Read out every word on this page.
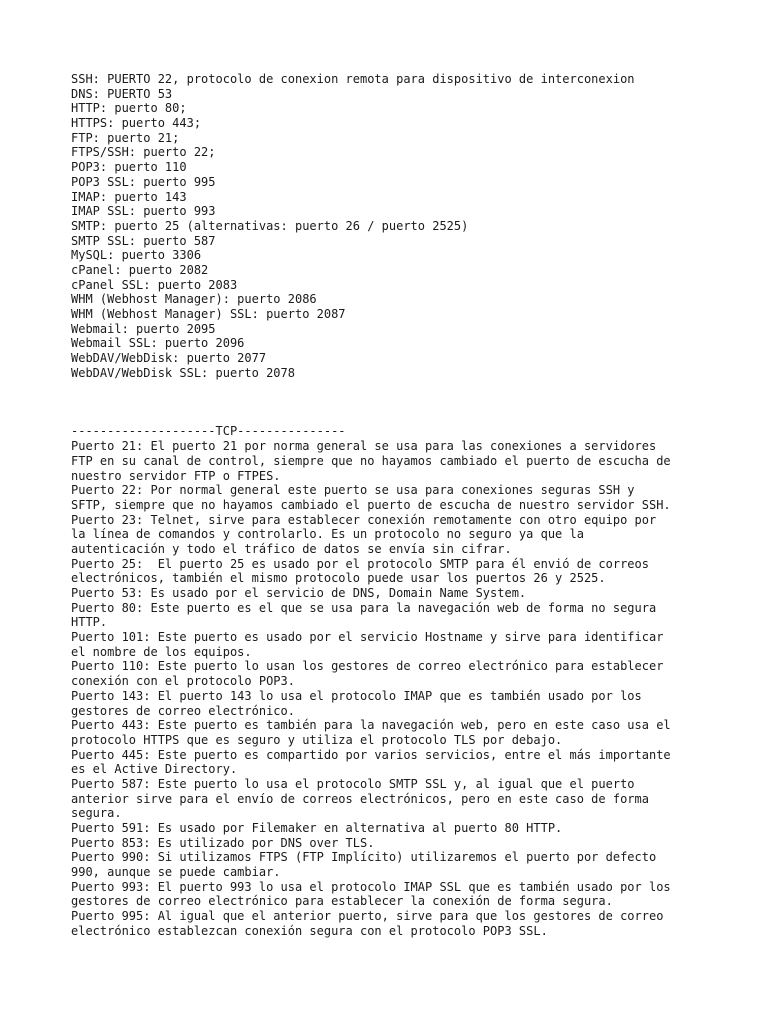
SSH: PUERTO 22, protocolo de conexion remota para dispositivo de interconexion
DNS: PUERTO 53
HTTP: puerto 80;
HTTPS: puerto 443;
FTP: puerto 21;
FTPS/SSH: puerto 22;
POP3: puerto 110
POP3 SSL: puerto 995
IMAP: puerto 143
IMAP SSL: puerto 993
SMTP: puerto 25 (alternativas: puerto 26 / puerto 2525)
SMTP SSL: puerto 587
MySQL: puerto 3306
cPanel: puerto 2082
cPanel SSL: puerto 2083
WHM (Webhost Manager): puerto 2086
WHM (Webhost Manager) SSL: puerto 2087
Webmail: puerto 2095
Webmail SSL: puerto 2096
WebDAV/WebDisk: puerto 2077
WebDAV/WebDisk SSL: puerto 2078
--------------------TCP---------------
Puerto 21: El puerto 21 por norma general se usa para las conexiones a servidores
FTP en su canal de control, siempre que no hayamos cambiado el puerto de escucha de
nuestro servidor FTP o FTPES.
Puerto 22: Por normal general este puerto se usa para conexiones seguras SSH y
SFTP, siempre que no hayamos cambiado el puerto de escucha de nuestro servidor SSH.
Puerto 23: Telnet, sirve para establecer conexión remotamente con otro equipo por
la línea de comandos y controlarlo. Es un protocolo no seguro ya que la
autenticación y todo el tráfico de datos se envía sin cifrar.
Puerto 25:  El puerto 25 es usado por el protocolo SMTP para él envió de correos
electrónicos, también el mismo protocolo puede usar los puertos 26 y 2525.
Puerto 53: Es usado por el servicio de DNS, Domain Name System.
Puerto 80: Este puerto es el que se usa para la navegación web de forma no segura
HTTP.
Puerto 101: Este puerto es usado por el servicio Hostname y sirve para identificar
el nombre de los equipos.
Puerto 110: Este puerto lo usan los gestores de correo electrónico para establecer
conexión con el protocolo POP3.
Puerto 143: El puerto 143 lo usa el protocolo IMAP que es también usado por los
gestores de correo electrónico.
Puerto 443: Este puerto es también para la navegación web, pero en este caso usa el
protocolo HTTPS que es seguro y utiliza el protocolo TLS por debajo.
Puerto 445: Este puerto es compartido por varios servicios, entre el más importante
es el Active Directory.
Puerto 587: Este puerto lo usa el protocolo SMTP SSL y, al igual que el puerto
anterior sirve para el envío de correos electrónicos, pero en este caso de forma
segura.
Puerto 591: Es usado por Filemaker en alternativa al puerto 80 HTTP.
Puerto 853: Es utilizado por DNS over TLS.
Puerto 990: Si utilizamos FTPS (FTP Implícito) utilizaremos el puerto por defecto
990, aunque se puede cambiar.
Puerto 993: El puerto 993 lo usa el protocolo IMAP SSL que es también usado por los
gestores de correo electrónico para establecer la conexión de forma segura.
Puerto 995: Al igual que el anterior puerto, sirve para que los gestores de correo
electrónico establezcan conexión segura con el protocolo POP3 SSL.
